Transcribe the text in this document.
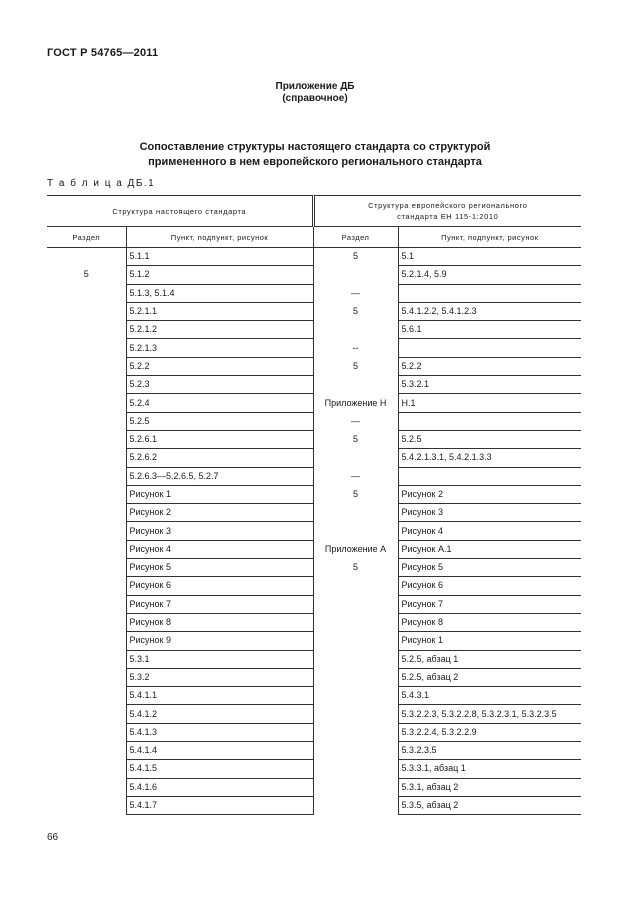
ГОСТ Р 54765—2011
Приложение ДБ
(справочное)
Сопоставление структуры настоящего стандарта со структурой
примененного в нем европейского регионального стандарта
Т а б л и ц а ДБ.1
Структура настоящего стандарта		Структура европейского регионального
стандарта ЕН 115-1:2010	

Раздел	Пункт, подпункт, рисунок	Раздел	Пункт, подпункт, рисунок
	5.1.1	5	5.1
5	5.1.2		5.2.1.4, 5.9
	5.1.3, 5.1.4	—	
	5.2.1.1	5	5.4.1.2.2, 5.4.1.2.3
	5.2.1.2		5.6.1
	5.2.1.3	--	
	5.2.2	5	5.2.2
	5.2.3		5.3.2.1
	5.2.4	Приложение Н	Н.1
	5.2.5	—	
	5.2.6.1	5	5.2.5
	5.2.6.2		5.4.2.1.3.1, 5.4.2.1.3.3
	5.2.6.3—5.2.6.5, 5.2.7	—	
	Рисунок 1	5	Рисунок 2
	Рисунок 2		Рисунок 3
	Рисунок 3		Рисунок 4
	Рисунок 4	Приложение А	Рисунок А.1
	Рисунок 5	5	Рисунок 5
	Рисунок 6		Рисунок 6
	Рисунок 7		Рисунок 7
	Рисунок 8		Рисунок 8
	Рисунок 9		Рисунок 1
	5.3.1		5.2.5, абзац 1
	5.3.2		5.2.5, абзац 2
	5.4.1.1		5.4.3.1
	5.4.1.2		5.3.2.2.3, 5.3.2.2.8, 5.3.2.3.1, 5.3.2.3.5
	5.4.1.3		5.3.2.2.4, 5.3.2.2.9
	5.4.1.4		5.3.2.3.5
	5.4.1.5		5.3.3.1, абзац 1
	5.4.1.6		5.3.1, абзац 2
	5.4.1.7		5.3.5, абзац 2
66
